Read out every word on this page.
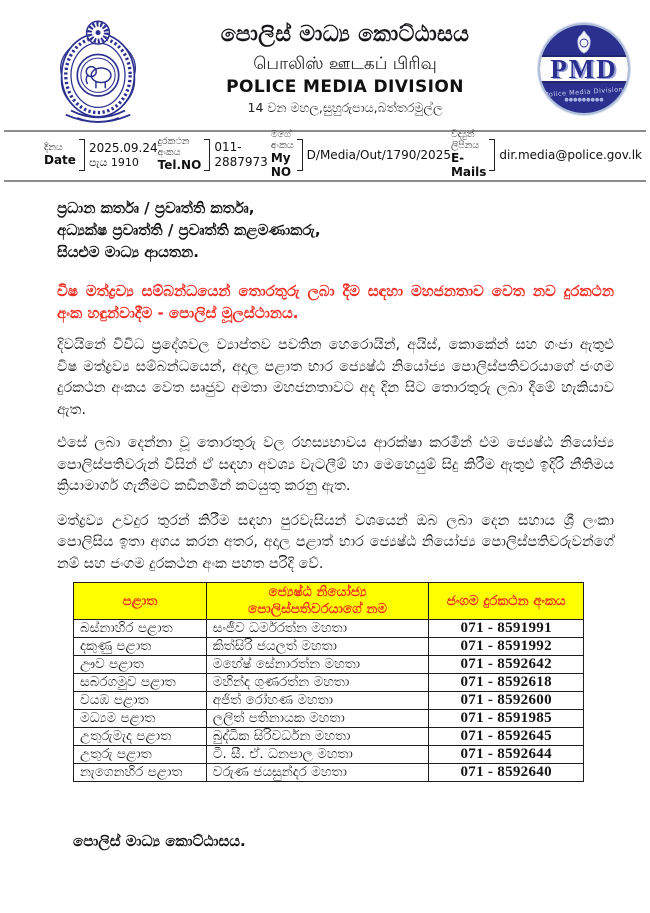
පොලිස් මාධ්‍ය කොට්ඨාසය
பொலிஸ் ஊடகப் பிரிவு
POLICE MEDIA DIVISION
14 වන මහල,සුහුරුපාය,බත්තරමුල්ල
PMD
Police Media Division
●●●●●●●●●
දිනය
Date
2025.09.24
පැය 1910
දුරකථන අංකය
Tel.NO
011-2887973
මගේ අංකය
My NO
D/Media/Out/1790/2025
විද්‍යුත් ලිපිනය
E-Mails
dir.media@police.gov.lk
ප්‍රධාන කර්තෘ / ප්‍රවෘත්ති කර්තෘ,
අධ්‍යක්ෂ ප්‍රවෘත්ති / ප්‍රවෘත්ති කළමණාකරු,
සියළුම මාධ්‍ය ආයතන.
විෂ මත්ද්‍රව්‍ය සම්බන්ධයෙන් තොරතුරු ලබා දීම සඳහා මහජනතාව වෙත නව දුරකථන අංක හඳුන්වාදීම - පොලිස් මූලස්ථානය.

දිවයිනේ විවිධ ප්‍රදේශවල ව්‍යාප්තව පවතින හෙරොයින්, අයිස්, කොකේන් සහ ගංජා ඇතුළු විෂ මත්ද්‍රව්‍ය සම්බන්ධයෙන්, අදාල පළාත භාර ජ්‍යෙෂ්ඨ නියෝජ්‍ය පොලිස්පතිවරයාගේ ජංගම දුරකථන අංකය වෙත සෘජුව අමතා මහජනතාවට අද දින සිට තොරතුරු ලබා දීමේ හැකියාව ඇත.

එසේ ලබා දෙන්නා වූ තොරතුරු වල රහස්‍යභාවය ආරක්ෂා කරමින් එම ජ්‍යෙෂ්ඨ නියෝජ්‍ය පොලිස්පතිවරුන් විසින් ඒ සඳහා අවශ්‍ය වැටලීම් හා මෙහෙයුම් සිදු කිරීම ඇතුළු ඉදිරි නීතිමය ක්‍රියාමාර්ග ගැනීමට කඩිනමින් කටයුතු කරනු ඇත.

මත්ද්‍රව්‍ය උවදුර තුරන් කිරීම සඳහා පුරවැසියන් වශයෙන් ඔබ ලබා දෙන සහාය ශ්‍රී ලංකා පොලිසිය ඉතා අගය කරන අතර, අදාල පළාත් භාර ජ්‍යෙෂ්ඨ නියෝජ්‍ය පොලිස්පතිවරුවන්ගේ නම් සහ ජංගම දුරකථන අංක පහත පරිදි වේ.

පළාත	ජ්‍යෙෂ්ඨ නියෝජ්‍ය පොලිස්පතිවරයාගේ නම	ජංගම දුරකථන අංකය
බස්නාහිර පළාත	සංජීව ධර්මරත්න මහතා	071 - 8591991
දකුණු පළාත	කිත්සිරි ජයලත් මහතා	071 - 8591992
ඌව පළාත	මහේෂ් සේනාරත්න මහතා	071 - 8592642
සබරගමුව පළාත	මහින්ද ගුණරත්න මහතා	071 - 8592618
වයඹ පළාත	අජිත් රෝහණ මහතා	071 - 8592600
මධ්‍යම පළාත	ලලිත් පතිනායක මහතා	071 - 8591985
උතුරුමැද පළාත	බුද්ධික සිරිවර්ධන මහතා	071 - 8592645
උතුරු පළාත	ටී. සී. ඒ. ධනපාල මහතා	071 - 8592644
නැගෙනහිර පළාත	වරුණ ජයසුන්දර මහතා	071 - 8592640
පොලිස් මාධ්‍ය කොට්ඨාසය.
